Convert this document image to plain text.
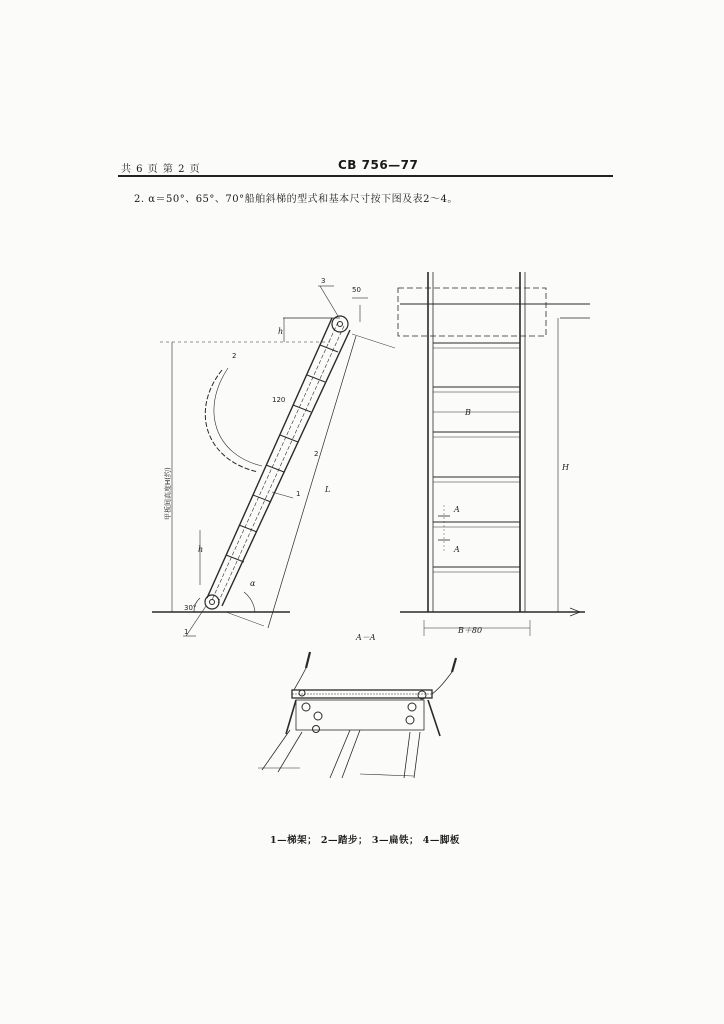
共 6 页 第 2 页	CB 756—77
2. α＝50°、65°、70°船舶斜梯的型式和基本尺寸按下图及表2～4。
3
50
h
2
120
2
1	L
h
α
30°
1
甲板间高度H(约)
B
H
A
A
B＋80
A－A
1—梯架； 2—踏步； 3—扁铁； 4—脚板
